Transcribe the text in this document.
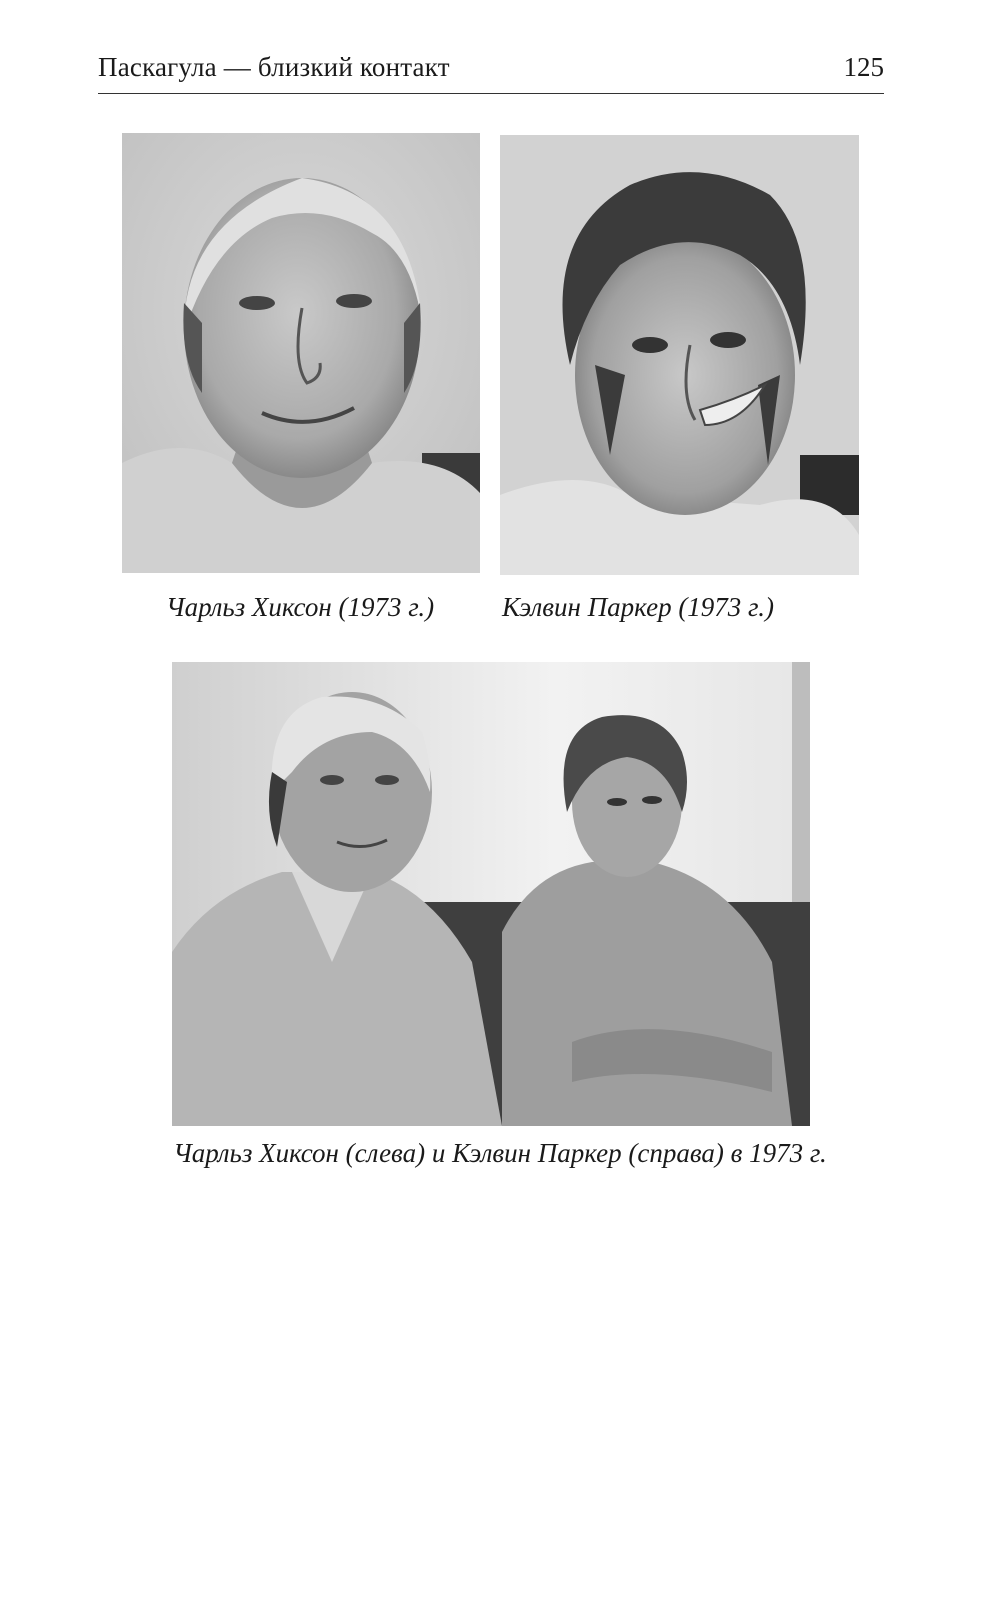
Паскагула — близкий контакт	125
Чарльз Хиксон (1973 г.)	Кэлвин Паркер (1973 г.)
Чарльз Хиксон (слева) и Кэлвин Паркер (справа) в 1973 г.
